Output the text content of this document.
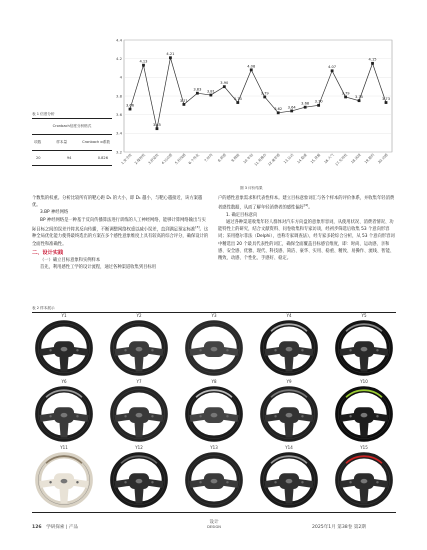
表 1 信度分析
Cronbach信度分析格式
项数	样本量	Cronbach α系数
20	94	0.826
4.4
4.2
4
3.8
3.6
3.4
3.2
1.安全性 2.操控性 3.舒适性 4.运动感 5.科技感 6.个性化 7.时尚 8.质感 9.精致 10.年轻 11.易操作 12.豪华感 13.运动 14.稳重 15.优雅 16.大气 17.实用性 18.流线 19.简约 20.动感
3.66
4.13
3.45
4.21
3.71
3.83 3.81
3.90
3.73
4.08
3.79
3.62 3.64
3.68 3.70
4.07
3.79
3.75
4.15
3.73
图 3 评价结果

个数集的权重。分析比较所有的靶心距 D₁ 的大小，即 D₁ 越小，与靶心越接近，该方案越优。

3.BP 神经网络

BP 神经网络是一种基于反向传播算法进行训练的人工神经网络，能够计算网络输出与实际目标之间的误差并将其反向传播，不断调整网络权重以减小误差，直到满足预定标准[3]。这种全局优化能力使得最终选出的方案在多个感性意象维度上具有较高的综合评分，确保设计的全面性和准确性。

二、设计实践

（一）确立目标意象和实例样本

首先，利用感性工学的设计流程，通过各种渠道收集到目标用

户的感性意象需求和代表性样本。建立目标意象词汇与各个样本的评价体系，并收集年轻消费者感性数据，从而了解年轻消费者的感性偏好[4]。

1. 确定目标意向

通过各种渠道收集年轻人群体对汽车方向盘的意象形容词，从使用状况、消费者情况、功能特性上的研究，结合文献资料、问卷收集和专家访谈，经初步筛选后收集 53 个意向形容词；采用德尔菲法（Delphi），也称专家调查法），经专家多轮综合分析，从 53 个意向形容词中精选出 20 个最具代表性的词汇，确保全面覆盖目标感官维度，即：时尚、运动感、亲和感、安全感、优雅、现代、科技感、简洁、豪华、实用、稳重、精致、易操作、流线、智能、精致、动感、个性化、手感好、稳定。

表 2 样本展示
Y1	Y2	Y3	Y4	Y5
Y6	Y7	Y8	Y9	Y10
Y11	Y12	Y13	Y14	Y15
126 学研探索 | 产品
设计
DESIGN	2025年1月 第38卷 第2期
